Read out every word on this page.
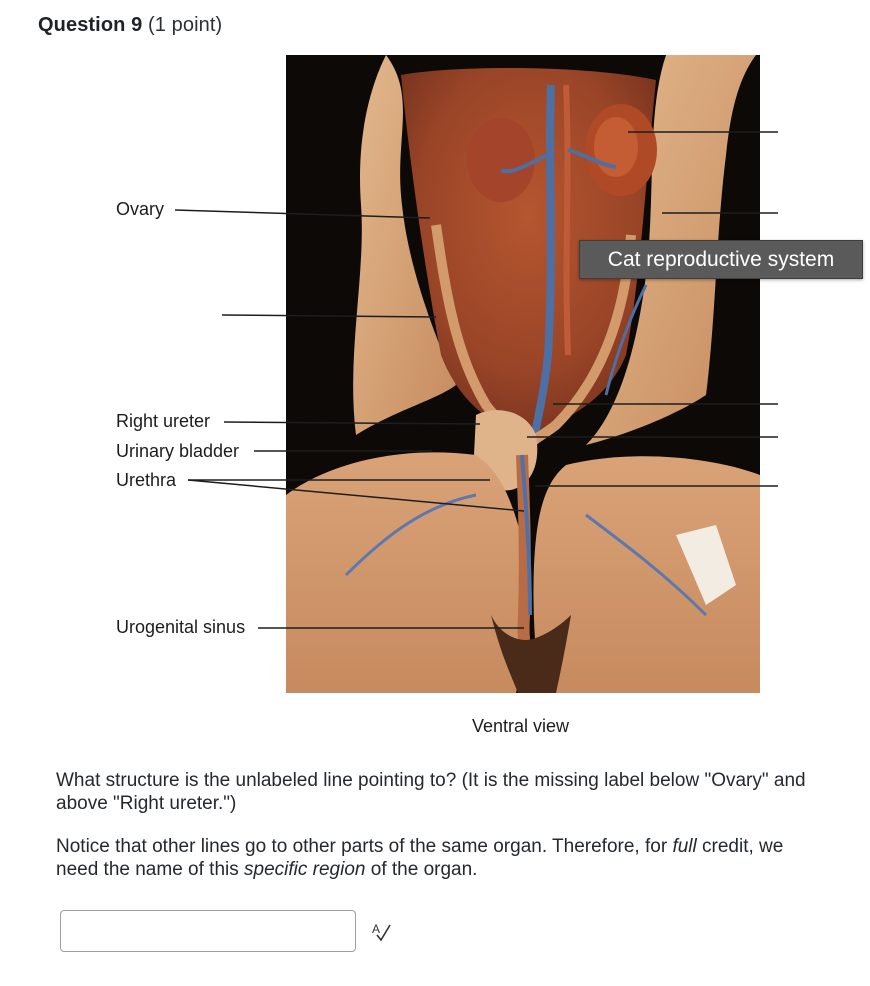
Question 9 (1 point)
Ovary
Right ureter
Urinary bladder
Urethra
Urogenital sinus
Cat reproductive system
Ventral view

What structure is the unlabeled line pointing to? (It is the missing label below "Ovary" and above "Right ureter.")

Notice that other lines go to other parts of the same organ. Therefore, for full credit, we need the name of this specific region of the organ.

A
